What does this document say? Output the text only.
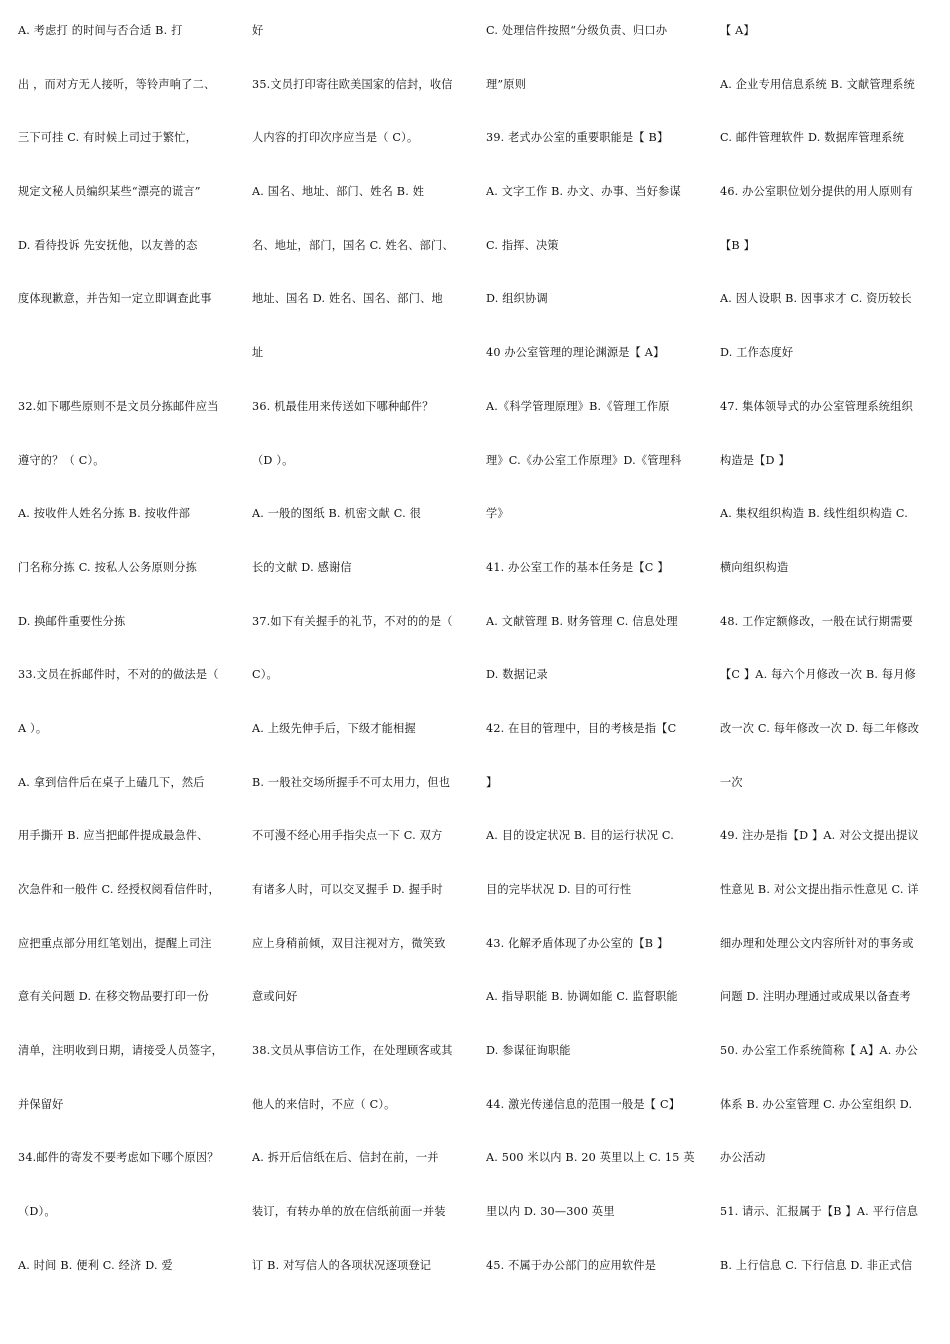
A. 考虑打 的时间与否合适 B. 打
出 ，而对方无人接听，等铃声响了二、
三下可挂 C. 有时候上司过于繁忙，
规定文秘人员编织某些“漂亮的谎言”
D. 看待投诉 先安抚他，以友善的态
度体现歉意，并告知一定立即调查此事
32.如下哪些原则不是文员分拣邮件应当
遵守的？（ C）。
A. 按收件人姓名分拣 B. 按收件部
门名称分拣 C. 按私人公务原则分拣
D. 换邮件重要性分拣
33.文员在拆邮件时，不对的的做法是（
A ）。
A. 拿到信件后在桌子上磕几下，然后
用手撕开 B. 应当把邮件提成最急件、
次急件和一般件 C. 经授权阅看信件时，
应把重点部分用红笔划出，提醒上司注
意有关问题 D. 在移交物品要打印一份
清单，注明收到日期，请接受人员签字，
并保留好
34.邮件的寄发不要考虑如下哪个原因？
（D）。
A. 时间 B. 便利 C. 经济 D. 爱
好
35.文员打印寄往欧美国家的信封，收信
人内容的打印次序应当是（ C）。
A. 国名、地址、部门、姓名 B. 姓
名、地址，部门，国名 C. 姓名、部门、
地址、国名 D. 姓名、国名、部门、地
址
36. 机最佳用来传送如下哪种邮件？
（D ）。
A. 一般的图纸 B. 机密文献 C. 很
长的文献 D. 感谢信
37.如下有关握手的礼节，不对的的是（
C）。
A. 上级先伸手后，下级才能相握
B. 一般社交场所握手不可太用力，但也
不可漫不经心用手指尖点一下 C. 双方
有诸多人时，可以交叉握手 D. 握手时
应上身稍前倾，双目注视对方，微笑致
意或问好
38.文员从事信访工作，在处理顾客或其
他人的来信时，不应（ C）。
A. 拆开后信纸在后、信封在前，一并
装订，有转办单的放在信纸前面一并装
订 B. 对写信人的各项状况逐项登记
C. 处理信件按照“分级负责、归口办
理”原则
39. 老式办公室的重要职能是【 B】
A. 文字工作 B. 办文、办事、当好参谋
C. 指挥、决策
D. 组织协调
40 办公室管理的理论渊源是【 A】
A.《科学管理原理》B.《管理工作原
理》C.《办公室工作原理》D.《管理科
学》
41. 办公室工作的基本任务是【C 】
A. 文献管理 B. 财务管理 C. 信息处理
D. 数据记录
42. 在目的管理中，目的考核是指【C
】
A. 目的设定状况 B. 目的运行状况 C.
目的完毕状况 D. 目的可行性
43. 化解矛盾体现了办公室的【B 】
A. 指导职能 B. 协调如能 C. 监督职能
D. 参谋征询职能
44. 激光传递信息的范围一般是【 C】
A. 500 米以内 B. 20 英里以上 C. 15 英
里以内 D. 30—300 英里
45. 不属于办公部门的应用软件是
【 A】
A. 企业专用信息系统 B. 文献管理系统
C. 邮件管理软件 D. 数据库管理系统
46. 办公室职位划分提供的用人原则有
【B 】
A. 因人设职 B. 因事求才 C. 资历较长
D. 工作态度好
47. 集体领导式的办公室管理系统组织
构造是【D 】
A. 集权组织构造 B. 线性组织构造 C.
横向组织构造
48. 工作定额修改，一般在试行期需要
【C 】A. 每六个月修改一次 B. 每月修
改一次 C. 每年修改一次 D. 每二年修改
一次
49. 注办是指【D 】A. 对公文提出提议
性意见 B. 对公文提出指示性意见 C. 详
细办理和处理公文内容所针对的事务或
问题 D. 注明办理通过或成果以备查考
50. 办公室工作系统简称【 A】A. 办公
体系 B. 办公室管理 C. 办公室组织 D.
办公活动
51. 请示、汇报属于【B 】A. 平行信息
B. 上行信息 C. 下行信息 D. 非正式信
